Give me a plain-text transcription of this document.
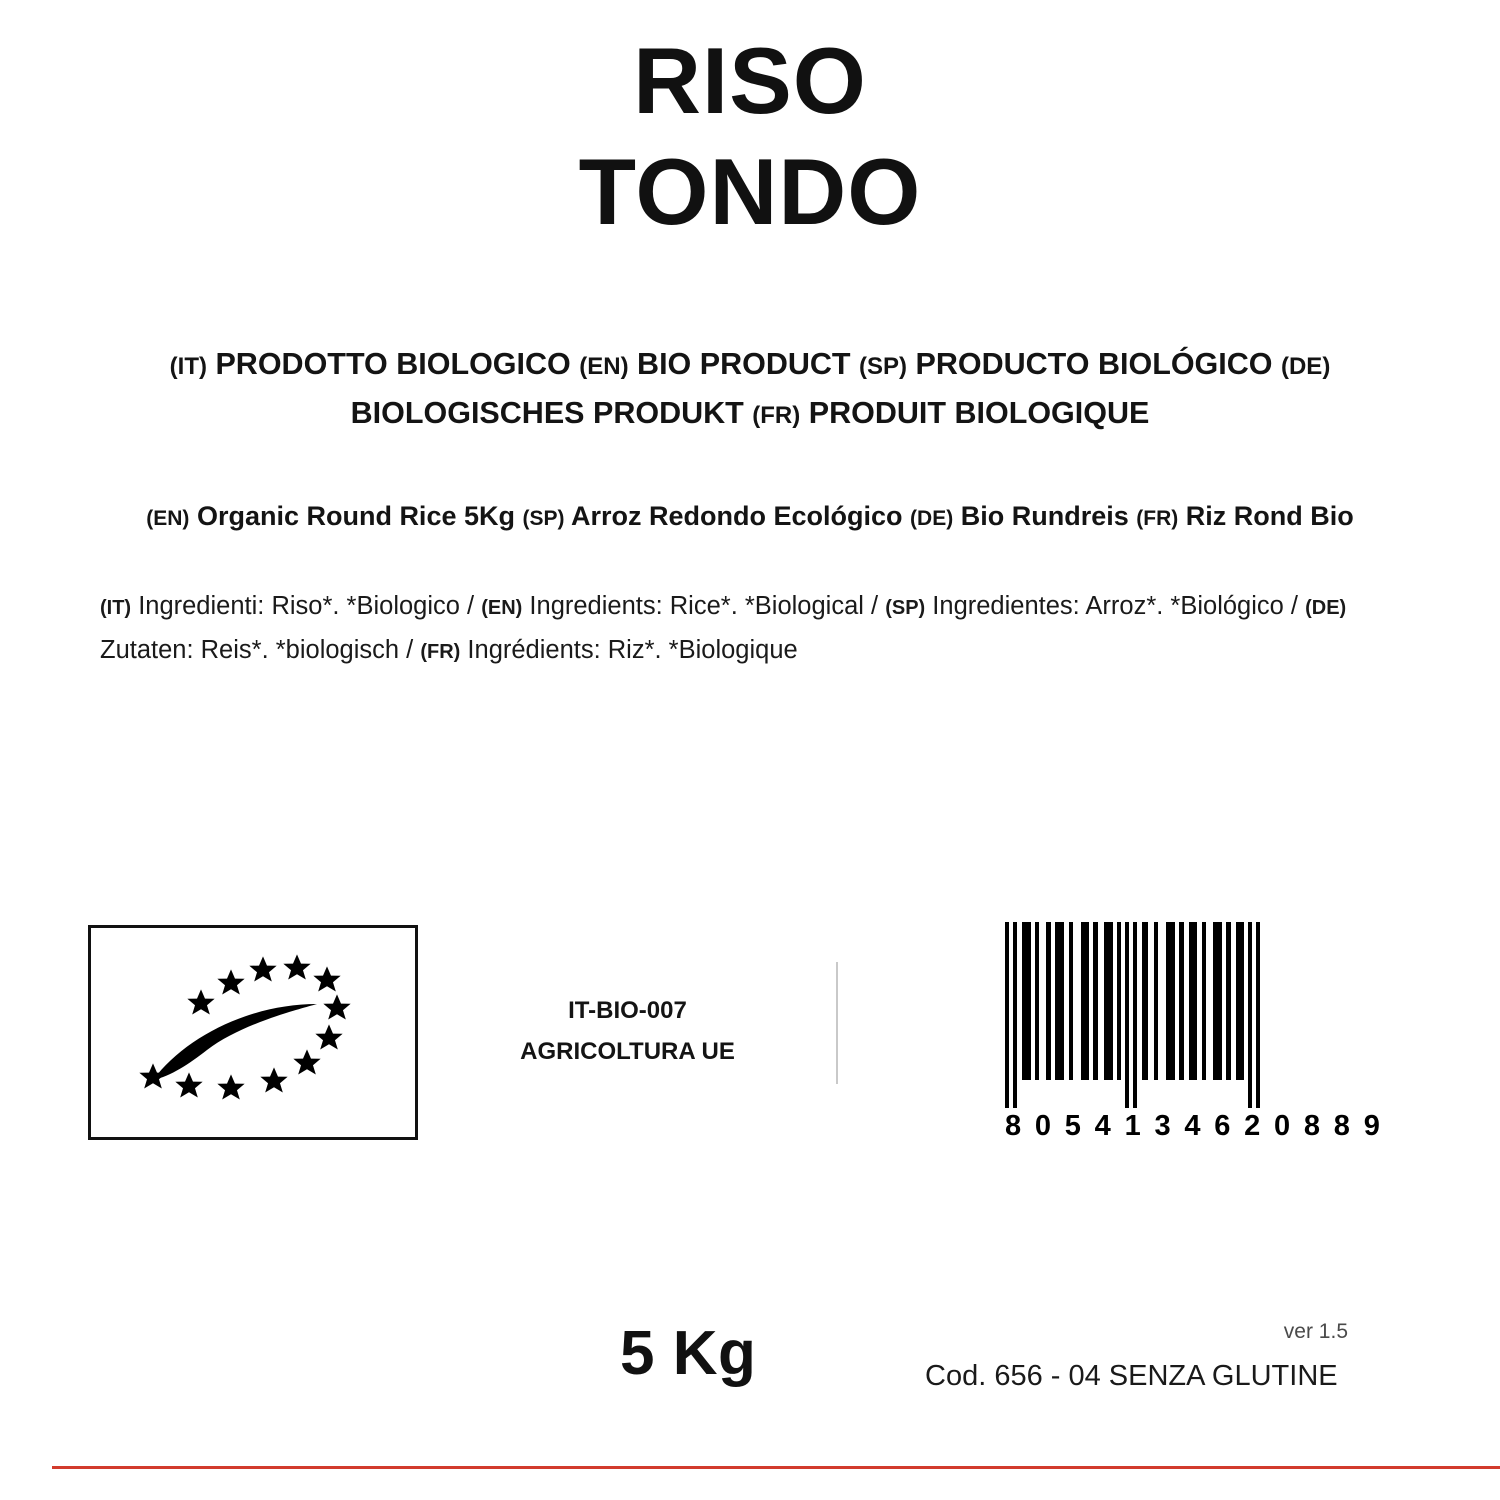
RISO
TONDO
(IT) PRODOTTO BIOLOGICO (EN) BIO PRODUCT (SP) PRODUCTO BIOLÓGICO (DE)
BIOLOGISCHES PRODUKT (FR) PRODUIT BIOLOGIQUE
(EN) Organic Round Rice 5Kg (SP) Arroz Redondo Ecológico (DE) Bio Rundreis (FR) Riz Rond Bio
(IT) Ingredienti: Riso*. *Biologico / (EN) Ingredients: Rice*. *Biological / (SP) Ingredientes: Arroz*. *Biológico / (DE) Zutaten: Reis*. *biologisch / (FR) Ingrédients: Riz*. *Biologique
IT-BIO-007
AGRICOLTURA UE
8 0 5 4 1 3 4 6 2 0 8 8 9
5 Kg	ver 1.5
Cod. 656 - 04 SENZA GLUTINE
